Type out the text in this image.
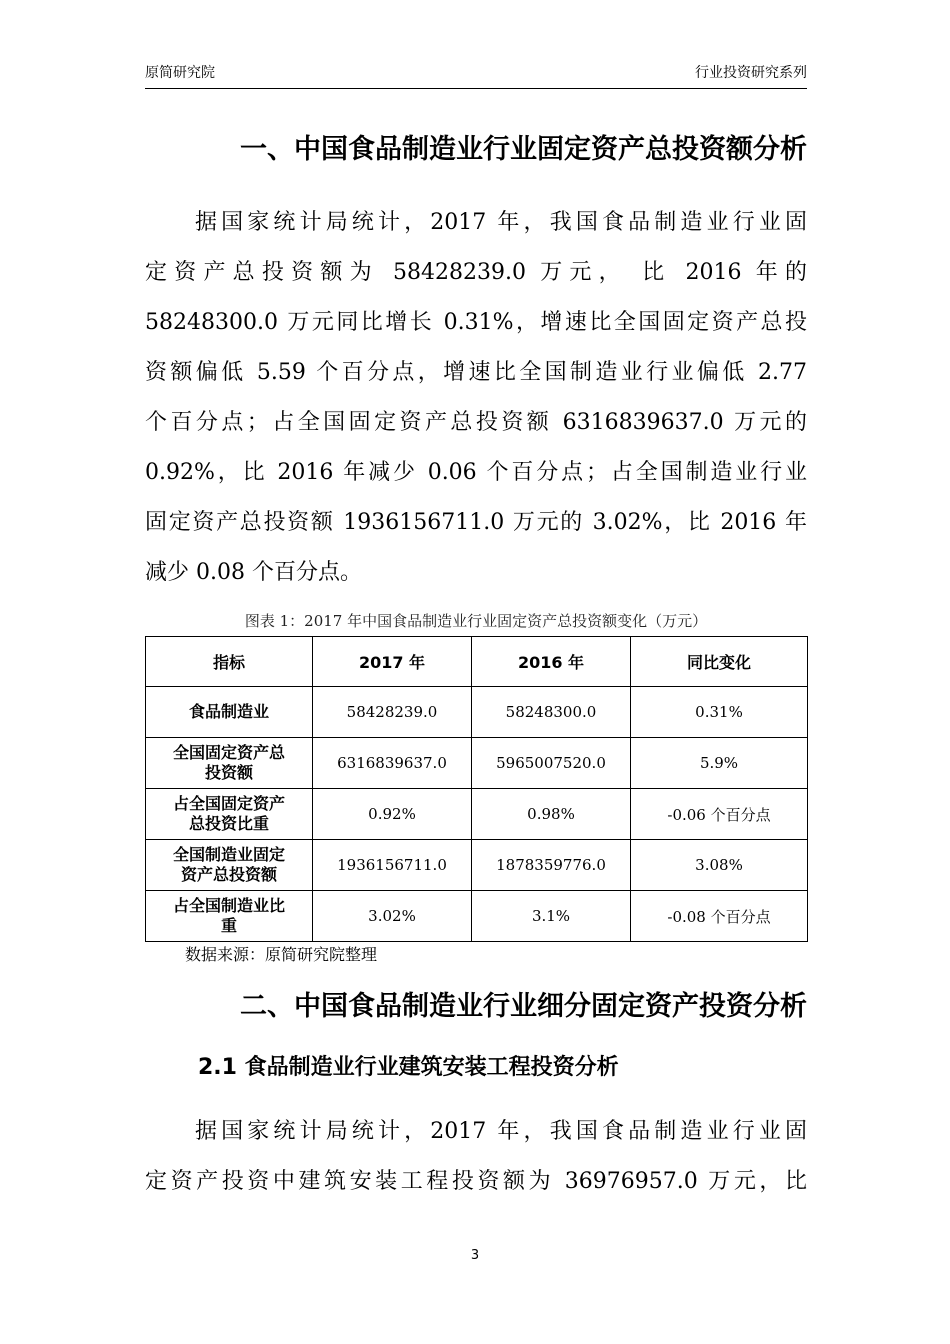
原简研究院	行业投资研究系列
一、中国食品制造业行业固定资产总投资额分析
据国家统计局统计，2017 年，我国食品制造业行业固
定资产总投资额为 58428239.0 万元， 比 2016 年的
58248300.0 万元同比增长 0.31%，增速比全国固定资产总投
资额偏低 5.59 个百分点，增速比全国制造业行业偏低 2.77
个百分点；占全国固定资产总投资额 6316839637.0 万元的
0.92%，比 2016 年减少 0.06 个百分点；占全国制造业行业
固定资产总投资额 1936156711.0 万元的 3.02%，比 2016 年
减少 0.08 个百分点。
图表 1：2017 年中国食品制造业行业固定资产总投资额变化（万元）
指标	2017 年	2016 年	同比变化
食品制造业	58428239.0	58248300.0	0.31%
全国固定资产总
投资额	6316839637.0	5965007520.0	5.9%
占全国固定资产
总投资比重	0.92%	0.98%	-0.06 个百分点
全国制造业固定
资产总投资额	1936156711.0	1878359776.0	3.08%
占全国制造业比
重	3.02%	3.1%	-0.08 个百分点
数据来源：原简研究院整理
二、中国食品制造业行业细分固定资产投资分析
2.1 食品制造业行业建筑安装工程投资分析
据国家统计局统计，2017 年，我国食品制造业行业固
定资产投资中建筑安装工程投资额为 36976957.0 万元，比
3
